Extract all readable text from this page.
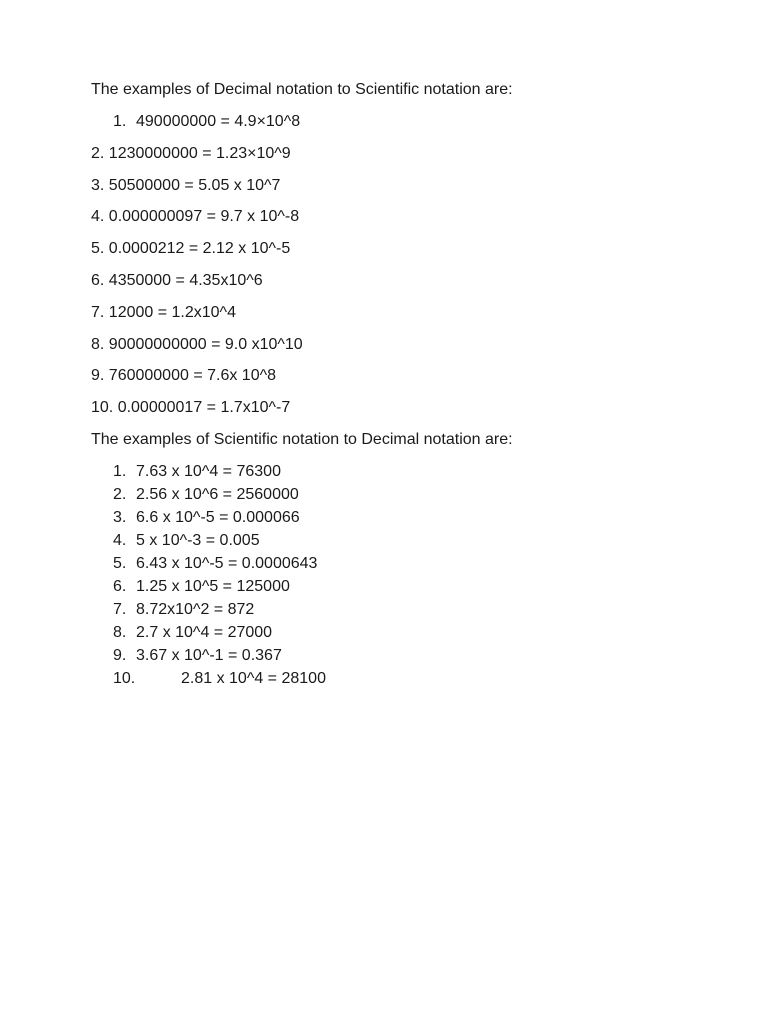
The examples of Decimal notation to Scientific notation are:
1. 490000000 = 4.9×10^8
2. 1230000000 = 1.23×10^9
3. 50500000 = 5.05 x 10^7
4. 0.000000097 = 9.7 x 10^-8
5. 0.0000212 = 2.12 x 10^-5
6. 4350000 = 4.35x10^6
7. 12000 = 1.2x10^4
8. 90000000000 = 9.0 x10^10
9. 760000000 = 7.6x 10^8
10. 0.00000017 = 1.7x10^-7
The examples of Scientific notation to Decimal notation are:
1. 7.63 x 10^4 = 76300
2. 2.56 x 10^6 = 2560000
3. 6.6 x 10^-5 = 0.000066
4. 5 x 10^-3 = 0.005
5. 6.43 x 10^-5 = 0.0000643
6. 1.25 x 10^5 = 125000
7. 8.72x10^2 = 872
8. 2.7 x 10^4 = 27000
9. 3.67 x 10^-1 = 0.367
10.	2.81 x 10^4 = 28100
